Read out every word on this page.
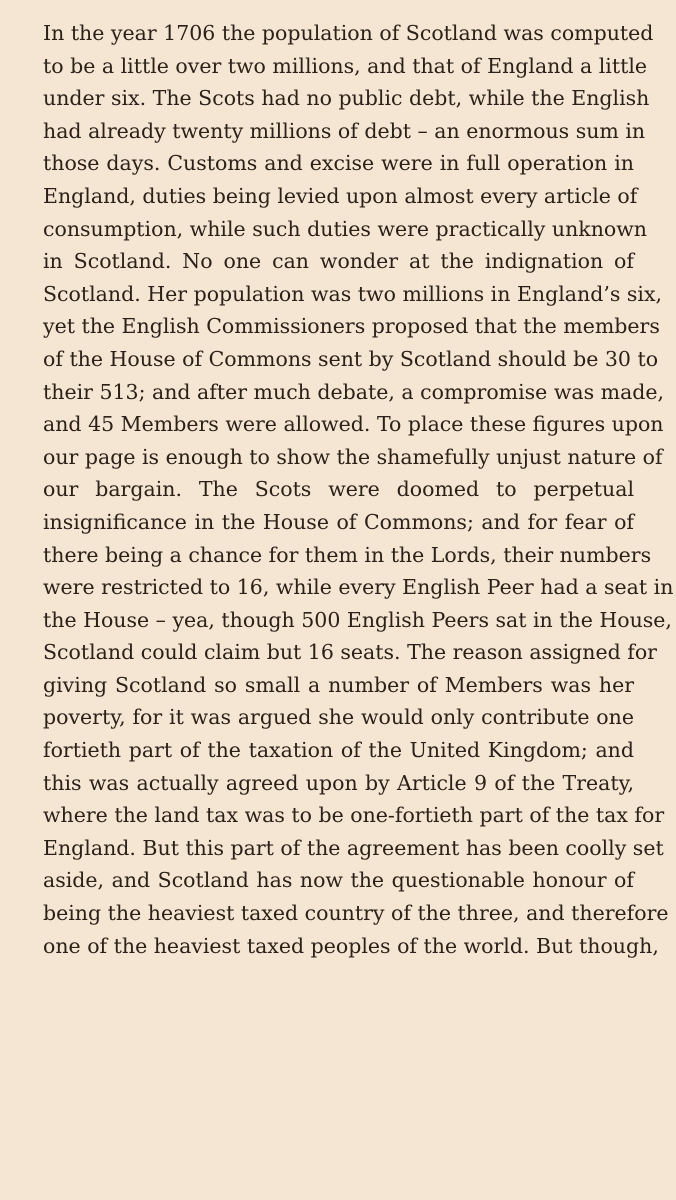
In the year 1706 the population of Scotland was computed
to be a little over two millions, and that of England a little
under six. The Scots had no public debt, while the English
had already twenty millions of debt – an enormous sum in
those days. Customs and excise were in full operation in
England, duties being levied upon almost every article of
consumption, while such duties were practically unknown
in Scotland. No one can wonder at the indignation of
Scotland. Her population was two millions in England’s six,
yet the English Commissioners proposed that the members
of the House of Commons sent by Scotland should be 30 to
their 513; and after much debate, a compromise was made,
and 45 Members were allowed. To place these figures upon
our page is enough to show the shamefully unjust nature of
our bargain. The Scots were doomed to perpetual
insignificance in the House of Commons; and for fear of
there being a chance for them in the Lords, their numbers
were restricted to 16, while every English Peer had a seat in
the House – yea, though 500 English Peers sat in the House,
Scotland could claim but 16 seats. The reason assigned for
giving Scotland so small a number of Members was her
poverty, for it was argued she would only contribute one
fortieth part of the taxation of the United Kingdom; and
this was actually agreed upon by Article 9 of the Treaty,
where the land tax was to be one-fortieth part of the tax for
England. But this part of the agreement has been coolly set
aside, and Scotland has now the questionable honour of
being the heaviest taxed country of the three, and therefore
one of the heaviest taxed peoples of the world. But though,
